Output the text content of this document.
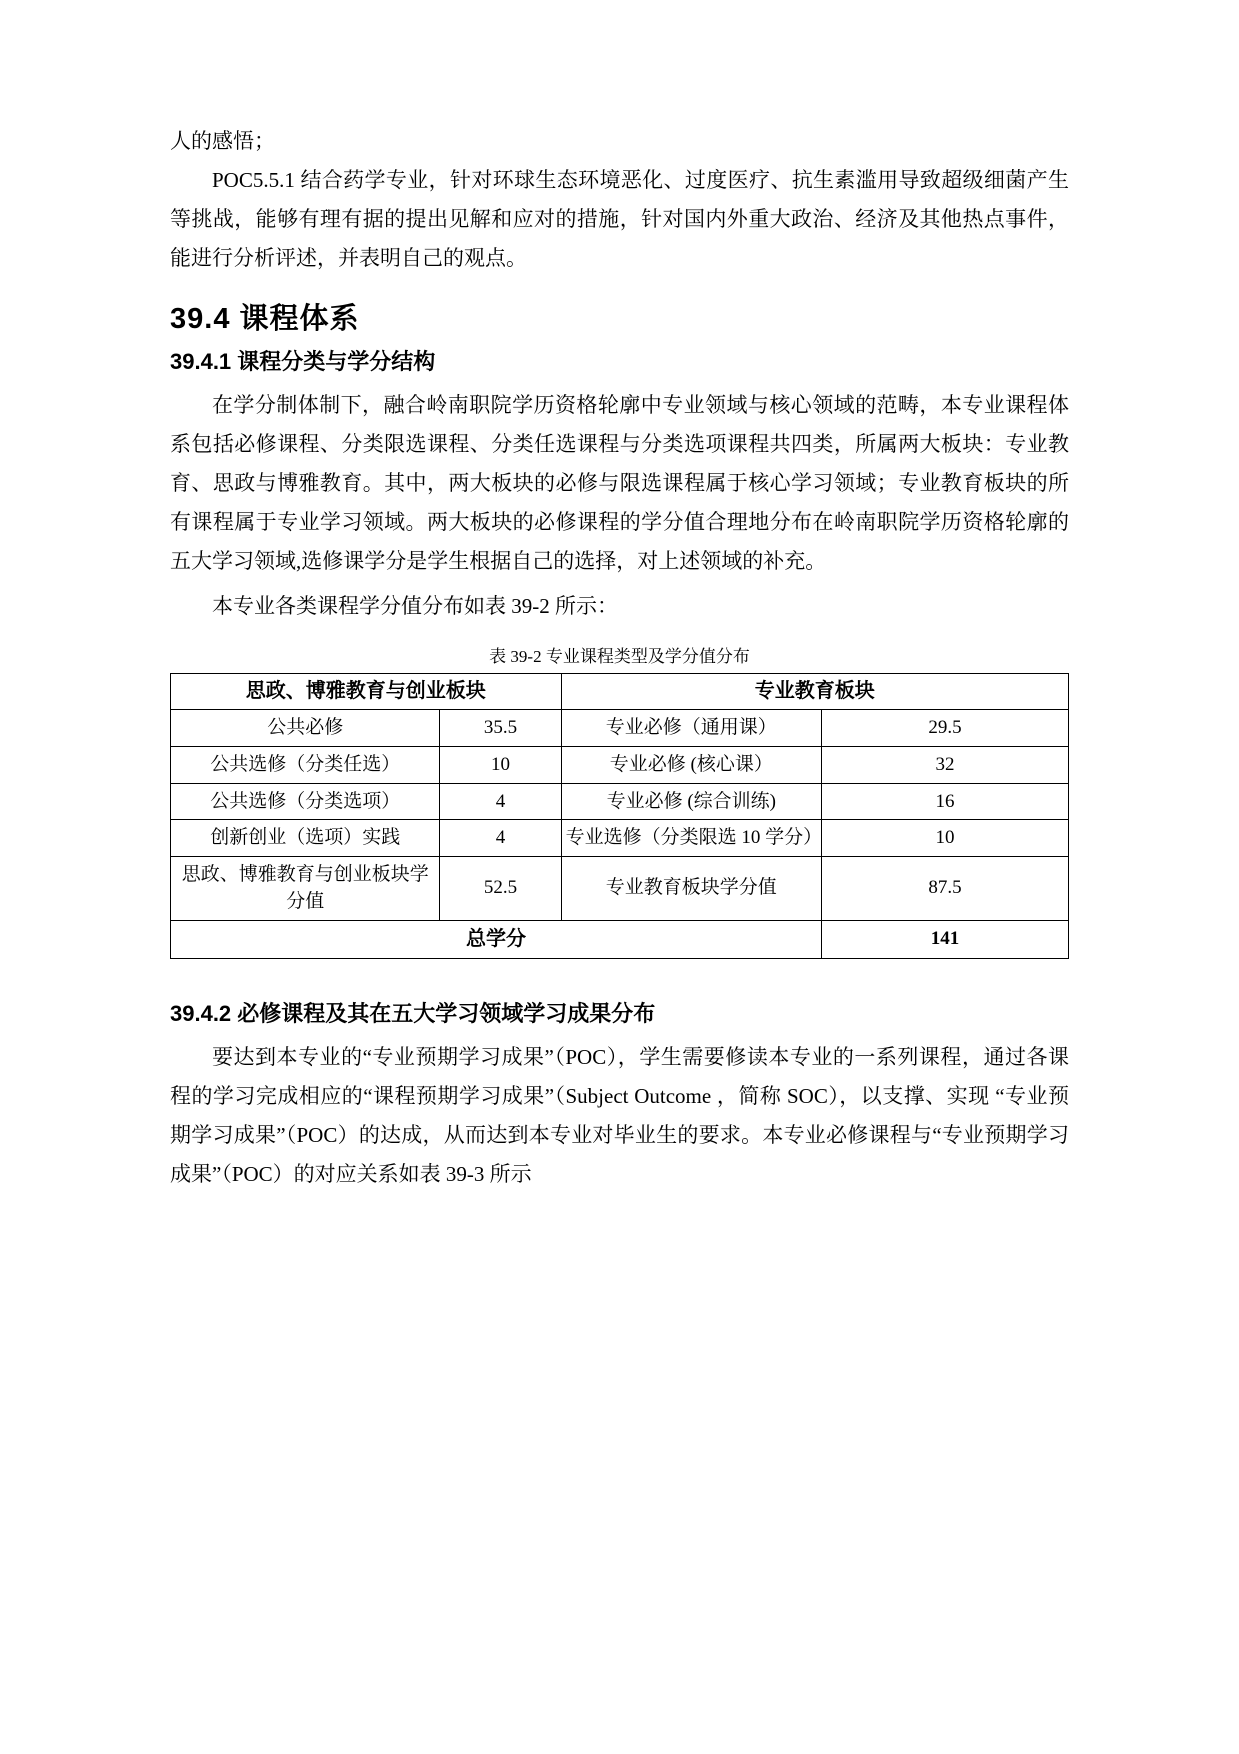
人的感悟；

POC5.5.1 结合药学专业，针对环球生态环境恶化、过度医疗、抗生素滥用导致超级细菌产生等挑战，能够有理有据的提出见解和应对的措施，针对国内外重大政治、经济及其他热点事件，能进行分析评述，并表明自己的观点。

39.4 课程体系
39.4.1 课程分类与学分结构

在学分制体制下，融合岭南职院学历资格轮廓中专业领域与核心领域的范畴，本专业课程体系包括必修课程、分类限选课程、分类任选课程与分类选项课程共四类，所属两大板块：专业教育、思政与博雅教育。其中，两大板块的必修与限选课程属于核心学习领域；专业教育板块的所有课程属于专业学习领域。两大板块的必修课程的学分值合理地分布在岭南职院学历资格轮廓的五大学习领域,选修课学分是学生根据自己的选择，对上述领域的补充。

本专业各类课程学分值分布如表 39-2 所示：

表 39-2 专业课程类型及学分值分布

思政、博雅教育与创业板块		专业教育板块	
公共必修	35.5	专业必修（通用课）	29.5
公共选修（分类任选）	10	专业必修 (核心课）	32
公共选修（分类选项）	4	专业必修 (综合训练)	16
创新创业（选项）实践	4	专业选修（分类限选 10 学分）	10
思政、博雅教育与创业板块学分值	52.5	专业教育板块学分值	87.5
总学分			141
39.4.2 必修课程及其在五大学习领域学习成果分布

要达到本专业的“专业预期学习成果”（POC），学生需要修读本专业的一系列课程，通过各课程的学习完成相应的“课程预期学习成果”（Subject Outcome ，简称 SOC），以支撑、实现 “专业预期学习成果”（POC）的达成，从而达到本专业对毕业生的要求。本专业必修课程与“专业预期学习成果”（POC）的对应关系如表 39-3 所示
